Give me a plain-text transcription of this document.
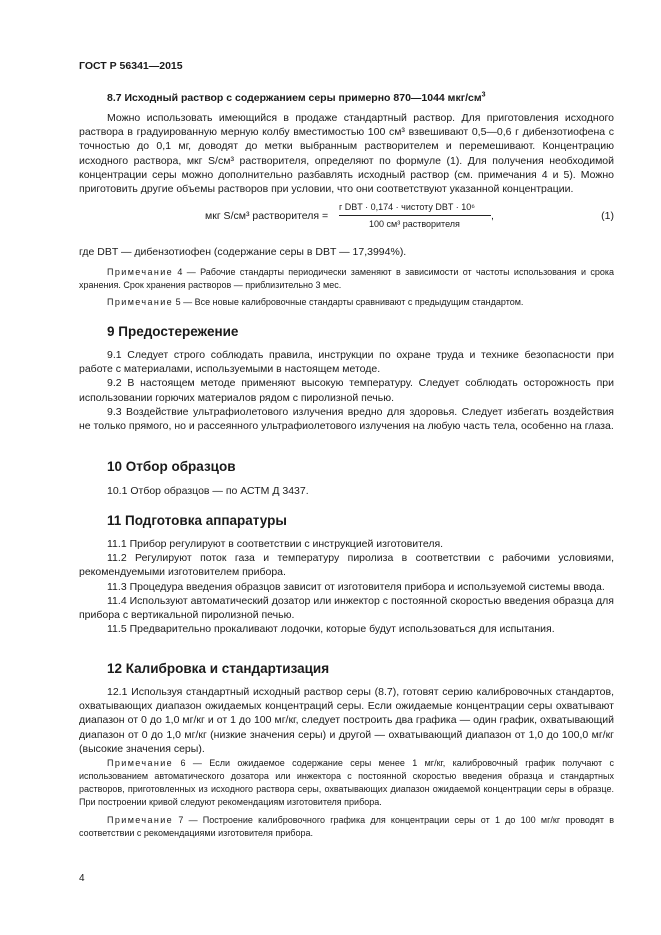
ГОСТ Р 56341—2015

8.7 Исходный раствор с содержанием серы примерно 870—1044 мкг/$см^3$

Можно использовать имеющийся в продаже стандартный раствор. Для приготовления исходного раствора в градуированную мерную колбу вместимостью 100 см³ взвешивают 0,5—0,6 г дибензотиофена с точностью до 0,1 мг, доводят до метки выбранным растворителем и перемешивают. Концентрацию исходного раствора, мкг S/см³ растворителя, определяют по формуле (1). Для получения необходимой концентрации серы можно дополнительно разбавлять исходный раствор (см. примечания 4 и 5). Можно приготовить другие объемы растворов при условии, что они соответствуют указанной концентрации.

мкг S/см³ растворителя =
г DBT · 0,174 · чистоту DBT · 10⁶
100 см³ растворителя
,	(1)

где DBT — дибензотиофен (содержание серы в DBT — 17,3994%).

Примечание 4 — Рабочие стандарты периодически заменяют в зависимости от частоты использования и срока хранения. Срок хранения растворов — приблизительно 3 мес.

Примечание 5 — Все новые калибровочные стандарты сравнивают с предыдущим стандартом.

9 Предостережение

9.1 Следует строго соблюдать правила, инструкции по охране труда и технике безопасности при работе с материалами, используемыми в настоящем методе.

9.2 В настоящем методе применяют высокую температуру. Следует соблюдать осторожность при использовании горючих материалов рядом с пиролизной печью.

9.3 Воздействие ультрафиолетового излучения вредно для здоровья. Следует избегать воздействия не только прямого, но и рассеянного ультрафиолетового излучения на любую часть тела, особенно на глаза.

10 Отбор образцов

10.1 Отбор образцов — по АСТМ Д 3437.

11 Подготовка аппаратуры

11.1 Прибор регулируют в соответствии с инструкцией изготовителя.

11.2 Регулируют поток газа и температуру пиролиза в соответствии с рабочими условиями, рекомендуемыми изготовителем прибора.

11.3 Процедура введения образцов зависит от изготовителя прибора и используемой системы ввода.

11.4 Используют автоматический дозатор или инжектор с постоянной скоростью введения образца для прибора с вертикальной пиролизной печью.

11.5 Предварительно прокаливают лодочки, которые будут использоваться для испытания.

12 Калибровка и стандартизация

12.1 Используя стандартный исходный раствор серы (8.7), готовят серию калибровочных стандартов, охватывающих диапазон ожидаемых концентраций серы. Если ожидаемые концентрации серы охватывают диапазон от 0 до 1,0 мг/кг и от 1 до 100 мг/кг, следует построить два графика — один график, охватывающий диапазон от 0 до 1,0 мг/кг (низкие значения серы) и другой — охватывающий диапазон от 1,0 до 100,0 мг/кг (высокие значения серы).

Примечание 6 — Если ожидаемое содержание серы менее 1 мг/кг, калибровочный график получают с использованием автоматического дозатора или инжектора с постоянной скоростью введения образца и стандартных растворов, приготовленных из исходного раствора серы, охватывающих диапазон ожидаемой концентрации серы в образце. При построении кривой следуют рекомендациям изготовителя прибора.

Примечание 7 — Построение калибровочного графика для концентрации серы от 1 до 100 мг/кг проводят в соответствии с рекомендациями изготовителя прибора.

4
